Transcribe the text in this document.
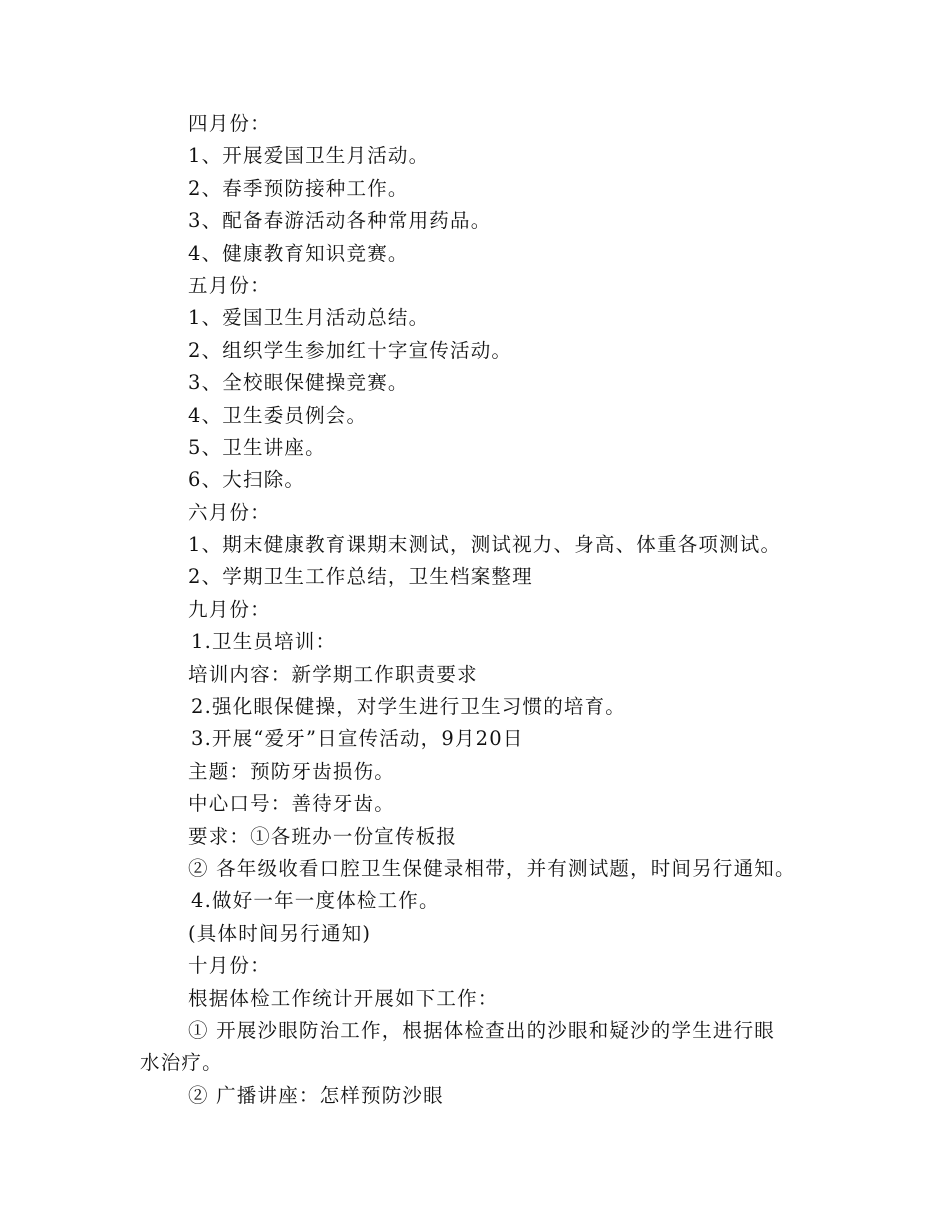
四月份：
1、开展爱国卫生月活动。
2、春季预防接种工作。
3、配备春游活动各种常用药品。
4、健康教育知识竞赛。
五月份：
1、爱国卫生月活动总结。
2、组织学生参加红十字宣传活动。
3、全校眼保健操竞赛。
4、卫生委员例会。
5、卫生讲座。
6、大扫除。
六月份：
1、期末健康教育课期末测试，测试视力、身高、体重各项测试。
2、学期卫生工作总结，卫生档案整理
九月份：
1.卫生员培训：
培训内容：新学期工作职责要求
2.强化眼保健操，对学生进行卫生习惯的培育。
3.开展“爱牙”日宣传活动，9月20日
主题：预防牙齿损伤。
中心口号：善待牙齿。
要求：①各班办一份宣传板报
② 各年级收看口腔卫生保健录相带，并有测试题，时间另行通知。
4.做好一年一度体检工作。
(具体时间另行通知)
十月份：
根据体检工作统计开展如下工作：
① 开展沙眼防治工作，根据体检查出的沙眼和疑沙的学生进行眼
水治疗。
② 广播讲座：怎样预防沙眼
